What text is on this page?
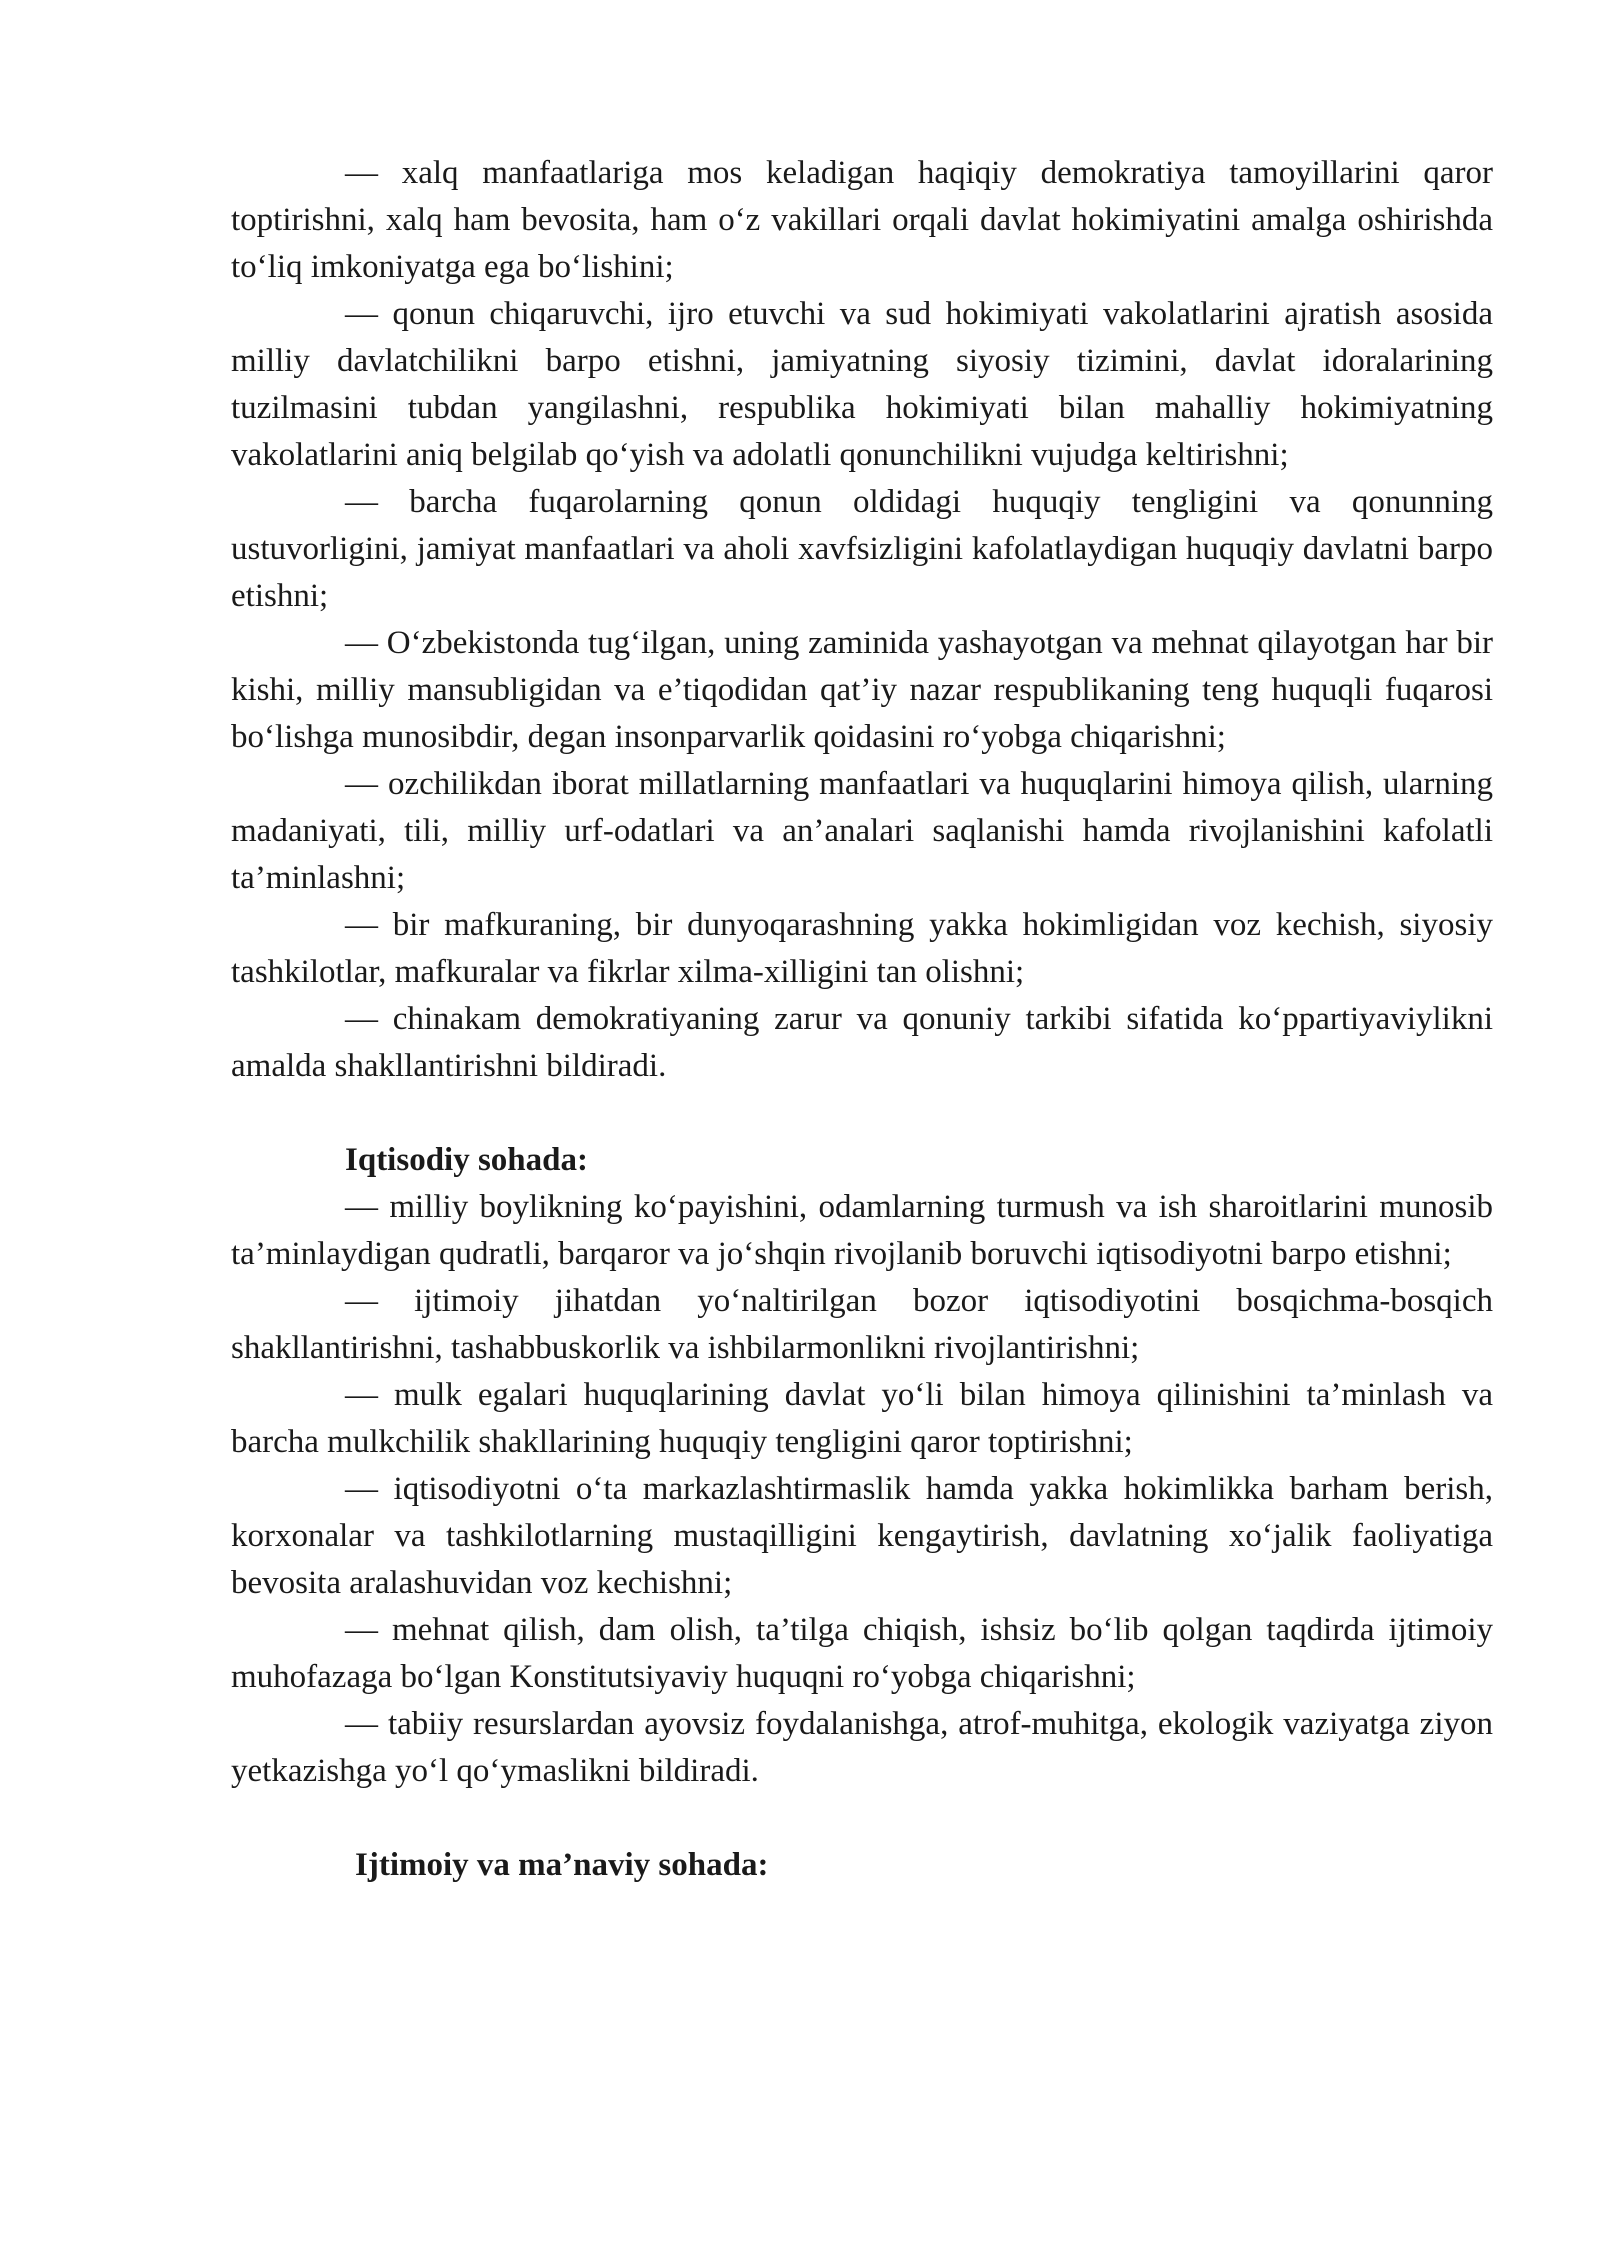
— xalq manfaatlariga mos keladigan haqiqiy demokratiya tamoyillarini qaror toptirishni, xalq ham bevosita, ham o‘z vakillari orqali davlat hokimiyatini amalga oshirishda to‘liq imkoniyatga ega bo‘lishini;

— qonun chiqaruvchi, ijro etuvchi va sud hokimiyati vakolatlarini ajratish asosida milliy davlatchilikni barpo etishni, jamiyatning siyosiy tizimini, davlat idoralarining tuzilmasini tubdan yangilashni, respublika hokimiyati bilan mahalliy hokimiyatning vakolatlarini aniq belgilab qo‘yish va adolatli qonunchilikni vujudga keltirishni;

— barcha fuqarolarning qonun oldidagi huquqiy tengligini va qonunning ustuvorligini, jamiyat manfaatlari va aholi xavfsizligini kafolatlaydigan huquqiy davlatni barpo etishni;

— O‘zbekistonda tug‘ilgan, uning zaminida yashayotgan va mehnat qilayotgan har bir kishi, milliy mansubligidan va e’tiqodidan qat’iy nazar respublikaning teng huquqli fuqarosi bo‘lishga munosibdir, degan insonparvarlik qoidasini ro‘yobga chiqarishni;

— ozchilikdan iborat millatlarning manfaatlari va huquqlarini himoya qilish, ularning madaniyati, tili, milliy urf-odatlari va an’analari saqlanishi hamda rivojlanishini kafolatli ta’minlashni;

— bir mafkuraning, bir dunyoqarashning yakka hokimligidan voz kechish, siyosiy tashkilotlar, mafkuralar va fikrlar xilma-xilligini tan olishni;

— chinakam demokratiyaning zarur va qonuniy tarkibi sifatida ko‘ppartiyaviylikni amalda shakllantirishni bildiradi.

Iqtisodiy sohada:

— milliy boylikning ko‘payishini, odamlarning turmush va ish sharoitlarini munosib ta’minlaydigan qudratli, barqaror va jo‘shqin rivojlanib boruvchi iqtisodiyotni barpo etishni;

— ijtimoiy jihatdan yo‘naltirilgan bozor iqtisodiyotini bosqichma-bosqich shakllantirishni, tashabbuskorlik va ishbilarmonlikni rivojlantirishni;

— mulk egalari huquqlarining davlat yo‘li bilan himoya qilinishini ta’minlash va barcha mulkchilik shakllarining huquqiy tengligini qaror toptirishni;

— iqtisodiyotni o‘ta markazlashtirmaslik hamda yakka hokimlikka barham berish, korxonalar va tashkilotlarning mustaqilligini kengaytirish, davlatning xo‘jalik faoliyatiga bevosita aralashuvidan voz kechishni;

— mehnat qilish, dam olish, ta’tilga chiqish, ishsiz bo‘lib qolgan taqdirda ijtimoiy muhofazaga bo‘lgan Konstitutsiyaviy huquqni ro‘yobga chiqarishni;

— tabiiy resurslardan ayovsiz foydalanishga, atrof-muhitga, ekologik vaziyatga ziyon yetkazishga yo‘l qo‘ymaslikni bildiradi.

Ijtimoiy va ma’naviy sohada:
